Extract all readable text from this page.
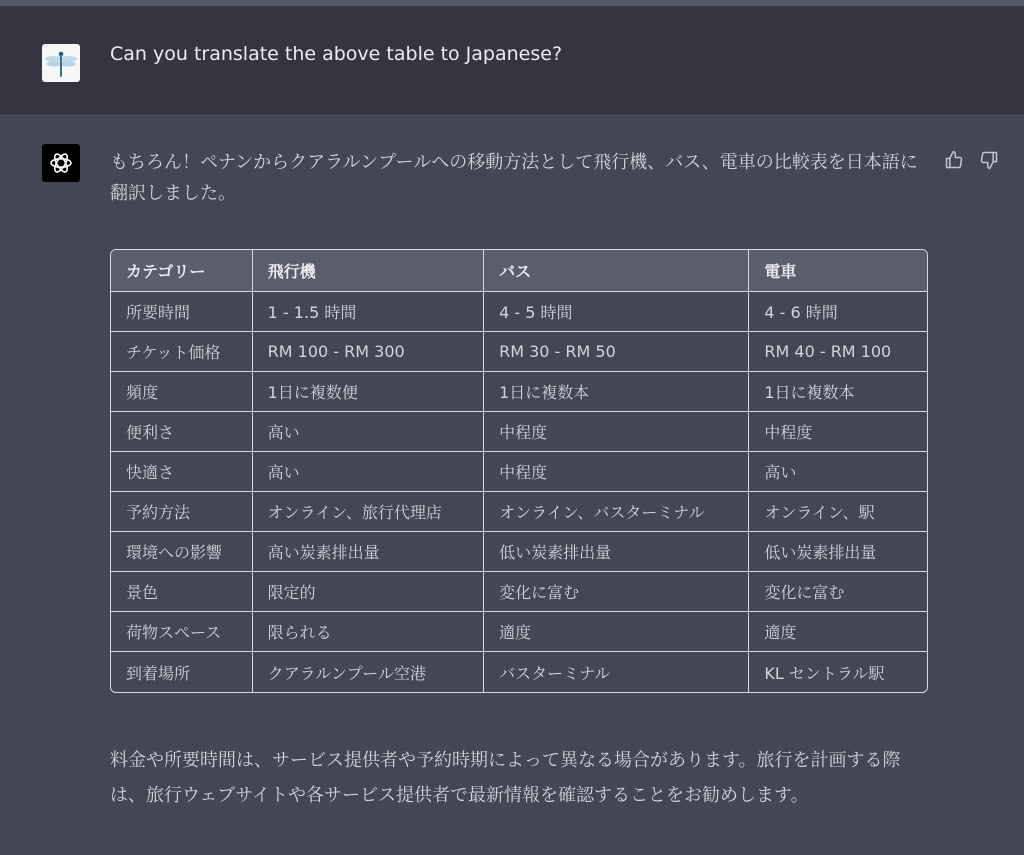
Can you translate the above table to Japanese?
もちろん！ペナンからクアラルンプールへの移動方法として飛行機、バス、電車の比較表を日本語に翻訳しました。
カテゴリー	飛行機	バス	電車
所要時間	1 - 1.5 時間	4 - 5 時間	4 - 6 時間
チケット価格	RM 100 - RM 300	RM 30 - RM 50	RM 40 - RM 100
頻度	1日に複数便	1日に複数本	1日に複数本
便利さ	高い	中程度	中程度
快適さ	高い	中程度	高い
予約方法	オンライン、旅行代理店	オンライン、バスターミナル	オンライン、駅
環境への影響	高い炭素排出量	低い炭素排出量	低い炭素排出量
景色	限定的	変化に富む	変化に富む
荷物スペース	限られる	適度	適度
到着場所	クアラルンプール空港	バスターミナル	KL セントラル駅
料金や所要時間は、サービス提供者や予約時期によって異なる場合があります。旅行を計画する際は、旅行ウェブサイトや各サービス提供者で最新情報を確認することをお勧めします。
